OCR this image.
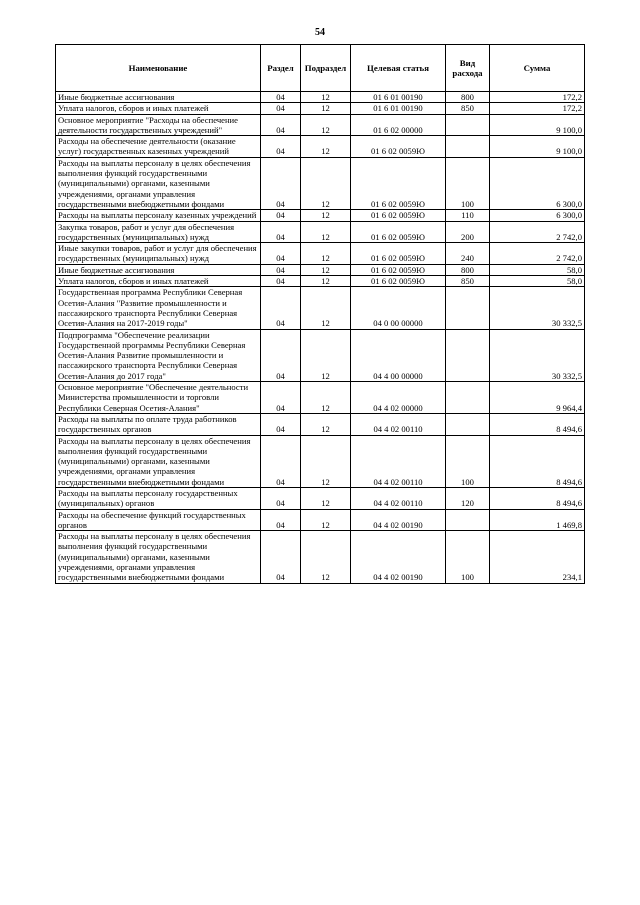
54
Наименование	Раздел	Подраздел	Целевая статья	Вид расхода	Сумма
Иные бюджетные ассигнования	04	12	01 6 01 00190	800	172,2
Уплата налогов, сборов и иных платежей	04	12	01 6 01 00190	850	172,2
Основное мероприятие "Расходы на обеспечение деятельности государственных учреждений"	04	12	01 6 02 00000		9 100,0
Расходы на обеспечение деятельности (оказание услуг) государственных казенных учреждений	04	12	01 6 02 0059Ю		9 100,0
Расходы на выплаты персоналу в целях обеспечения выполнения функций государственными (муниципальными) органами, казенными учреждениями, органами управления государственными внебюджетными фондами	04	12	01 6 02 0059Ю	100	6 300,0
Расходы на выплаты персоналу казенных учреждений	04	12	01 6 02 0059Ю	110	6 300,0
Закупка товаров, работ и услуг для обеспечения государственных (муниципальных) нужд	04	12	01 6 02 0059Ю	200	2 742,0
Иные закупки товаров, работ и услуг для обеспечения государственных (муниципальных) нужд	04	12	01 6 02 0059Ю	240	2 742,0
Иные бюджетные ассигнования	04	12	01 6 02 0059Ю	800	58,0
Уплата налогов, сборов и иных платежей	04	12	01 6 02 0059Ю	850	58,0
Государственная программа Республики Северная Осетия-Алания "Развитие промышленности и пассажирского транспорта Республики Северная Осетия-Алания на 2017-2019 годы"	04	12	04 0 00 00000		30 332,5
Подпрограмма "Обеспечение реализации Государственной программы Республики Северная Осетия-Алания Развитие промышленности и пассажирского транспорта Республики Северная Осетия-Алания до 2017 года"	04	12	04 4 00 00000		30 332,5
Основное мероприятие "Обеспечение деятельности Министерства промышленности и торговли Республики Северная Осетия-Алания"	04	12	04 4 02 00000		9 964,4
Расходы на выплаты по оплате труда работников государственных органов	04	12	04 4 02 00110		8 494,6
Расходы на выплаты персоналу в целях обеспечения выполнения функций государственными (муниципальными) органами, казенными учреждениями, органами управления государственными внебюджетными фондами	04	12	04 4 02 00110	100	8 494,6
Расходы на выплаты персоналу государственных (муниципальных) органов	04	12	04 4 02 00110	120	8 494,6
Расходы на обеспечение функций государственных органов	04	12	04 4 02 00190		1 469,8
Расходы на выплаты персоналу в целях обеспечения выполнения функций государственными (муниципальными) органами, казенными учреждениями, органами управления государственными внебюджетными фондами	04	12	04 4 02 00190	100	234,1
